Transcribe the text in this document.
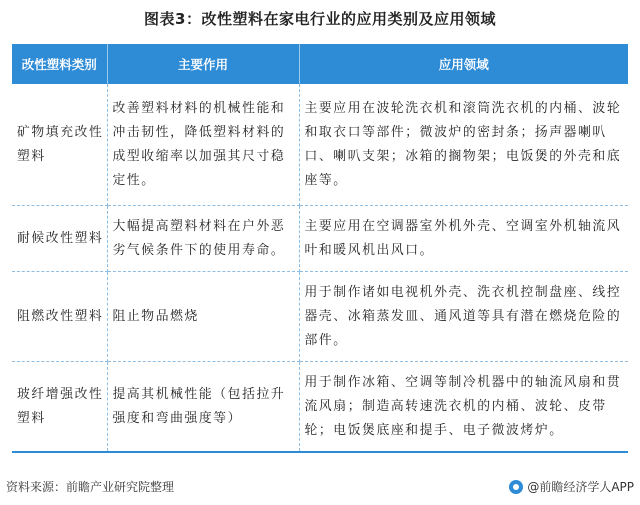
图表3：改性塑料在家电行业的应用类别及应用领域
改性塑料类别	主要作用	应用领域
矿物填充改性塑料	改善塑料材料的机械性能和冲击韧性，降低塑料材料的成型收缩率以加强其尺寸稳定性。	主要应用在波轮洗衣机和滚筒洗衣机的内桶、波轮和取衣口等部件；微波炉的密封条；扬声器喇叭口、喇叭支架；冰箱的搁物架；电饭煲的外壳和底座等。
耐候改性塑料	大幅提高塑料材料在户外恶劣气候条件下的使用寿命。	主要应用在空调器室外机外壳、空调室外机轴流风叶和暖风机出风口。
阻燃改性塑料	阻止物品燃烧	用于制作诸如电视机外壳、洗衣机控制盘座、线控器壳、冰箱蒸发皿、通风道等具有潜在燃烧危险的部件。
玻纤增强改性塑料	提高其机械性能（包括拉升强度和弯曲强度等）	用于制作冰箱、空调等制冷机器中的轴流风扇和贯流风扇；制造高转速洗衣机的内桶、波轮、皮带轮；电饭煲底座和提手、电子微波烤炉。
资料来源：前瞻产业研究院整理	@前瞻经济学人APP
